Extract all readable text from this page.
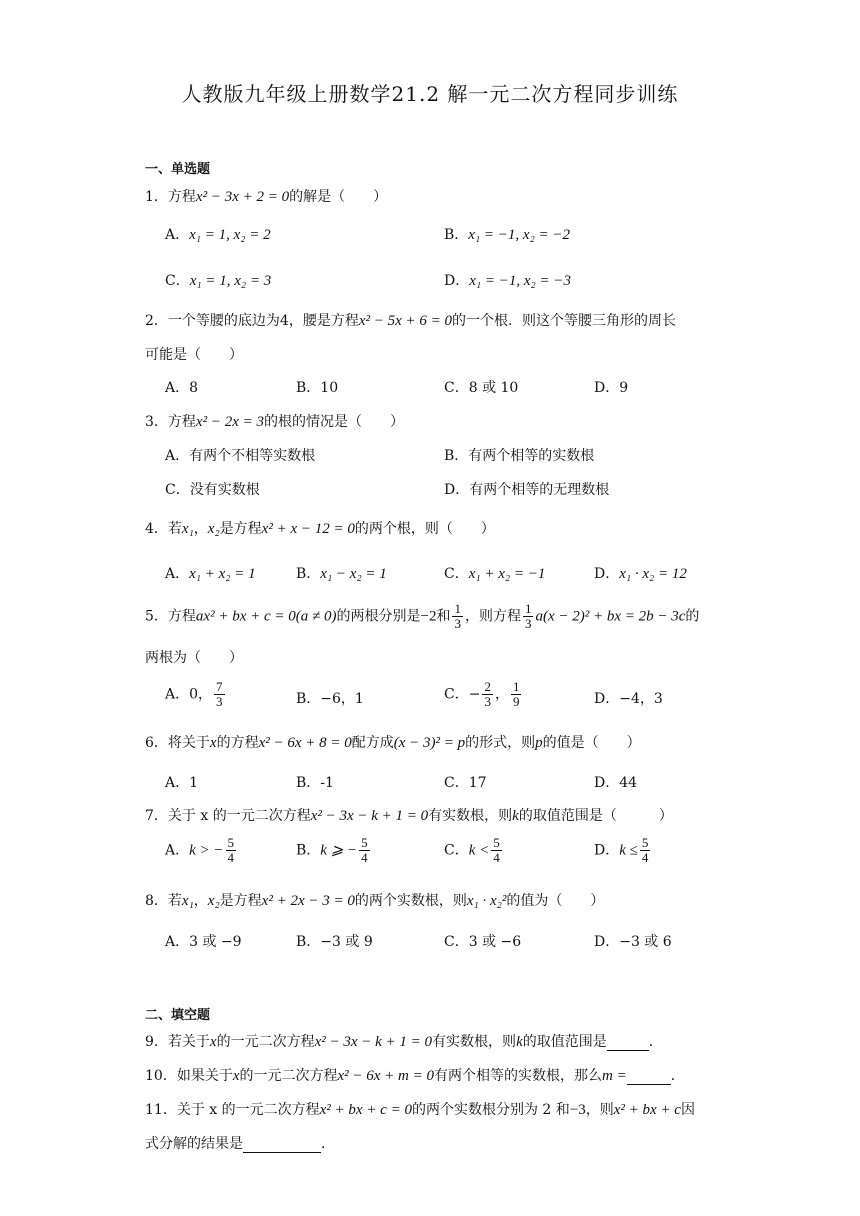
人教版九年级上册数学21.2 解一元二次方程同步训练
一、单选题
1．方程x² − 3x + 2 = 0的解是（　　）
A．x₁ = 1, x₂ = 2	B．x₁ = −1, x₂ = −2
C．x₁ = 1, x₂ = 3	D．x₁ = −1, x₂ = −3
2．一个等腰的底边为4，腰是方程x² − 5x + 6 = 0的一个根．则这个等腰三角形的周长
可能是（　　）
A．8	B．10	C．8 或 10	D．9
3．方程x² − 2x = 3的根的情况是（　　）
A．有两个不相等实数根	B．有两个相等的实数根
C．没有实数根	D．有两个相等的无理数根
4．若x₁，x₂是方程x² + x − 12 = 0的两个根，则（　　）
A．x₁ + x₂ = 1	B．x₁ − x₂ = 1	C．x₁ + x₂ = −1	D．x₁ · x₂ = 12
5．方程ax² + bx + c = 0(a ≠ 0)的两根分别是−2和 $\frac{1}{3}$ ，则方程 $\frac{1}{3} a(x - 2)^2$ + bx = 2b − 3c的
两根为（　　）
A．0， $\frac{7}{3}$	B．−6，1	C．− $\frac{2}{3}$ ， $\frac{1}{9}$	D．−4，3
6．将关于x的方程x² − 6x + 8 = 0配方成(x − 3)² = p的形式，则p的值是（　　）
A．1	B．-1	C．17	D．44
7．关于 x 的一元二次方程x² − 3x − k + 1 = 0有实数根，则k的取值范围是（　　　）
A．k > − $\frac{5}{4}$	B．k ⩾ − $\frac{5}{4}$	C．$k < \frac{5}{4}$	D．$k \le \frac{5}{4}$
8．若x₁，x₂是方程x² + 2x − 3 = 0的两个实数根，则x₁ · x₂²的值为（　　）
A．3 或 −9	B．−3 或 9	C．3 或 −6	D．−3 或 6
二、填空题
9．若关于x的一元二次方程x² − 3x − k + 1 = 0有实数根，则k的取值范围是	．
10．如果关于x的一元二次方程x² − 6x + m = 0有两个相等的实数根，那么m =	．
11．关于 x 的一元二次方程x² + bx + c = 0的两个实数根分别为 2 和−3，则x² + bx + c因
式分解的结果是	．
